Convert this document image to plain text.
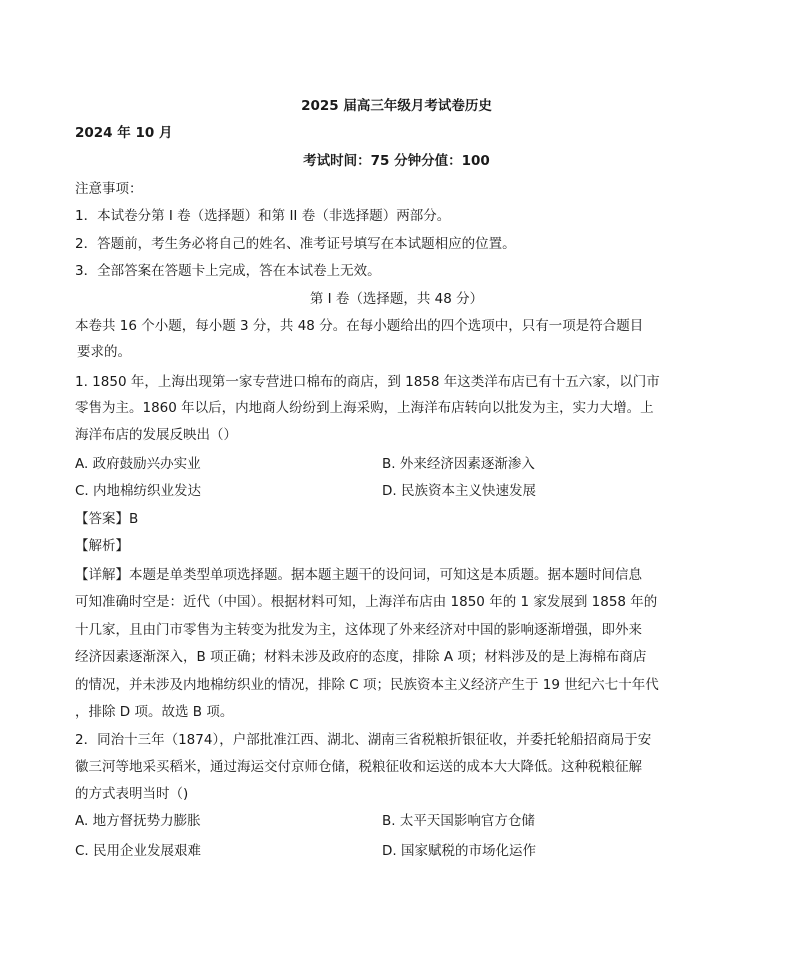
2025 届高三年级月考试卷历史
2024 年 10 月
考试时间：75 分钟分值：100
注意事项：
1．本试卷分第 I 卷（选择题）和第 II 卷（非选择题）两部分。
2．答题前，考生务必将自己的姓名、准考证号填写在本试题相应的位置。
3．全部答案在答题卡上完成，答在本试卷上无效。
第 I 卷（选择题，共 48 分）
本卷共 16 个小题，每小题 3 分，共 48 分。在每小题给出的四个选项中，只有一项是符合题目
要求的。
1. 1850 年，上海出现第一家专营进口棉布的商店，到 1858 年这类洋布店已有十五六家，以门市
零售为主。1860 年以后，内地商人纷纷到上海采购，上海洋布店转向以批发为主，实力大增。上
海洋布店的发展反映出（）
A. 政府鼓励兴办实业	B. 外来经济因素逐渐渗入
C. 内地棉纺织业发达	D. 民族资本主义快速发展
【答案】B
【解析】
【详解】本题是单类型单项选择题。据本题主题干的设问词，可知这是本质题。据本题时间信息
可知准确时空是：近代（中国）。根据材料可知，上海洋布店由 1850 年的 1 家发展到 1858 年的
十几家，且由门市零售为主转变为批发为主，这体现了外来经济对中国的影响逐渐增强，即外来
经济因素逐渐深入，B 项正确；材料未涉及政府的态度，排除 A 项；材料涉及的是上海棉布商店
的情况，并未涉及内地棉纺织业的情况，排除 C 项；民族资本主义经济产生于 19 世纪六七十年代
，排除 D 项。故选 B 项。
2．同治十三年（1874），户部批准江西、湖北、湖南三省税粮折银征收，并委托轮船招商局于安
徽三河等地采买稻米，通过海运交付京师仓储，税粮征收和运送的成本大大降低。这种税粮征解
的方式表明当时（)
A. 地方督抚势力膨胀	B. 太平天国影响官方仓储
C. 民用企业发展艰难	D. 国家赋税的市场化运作
